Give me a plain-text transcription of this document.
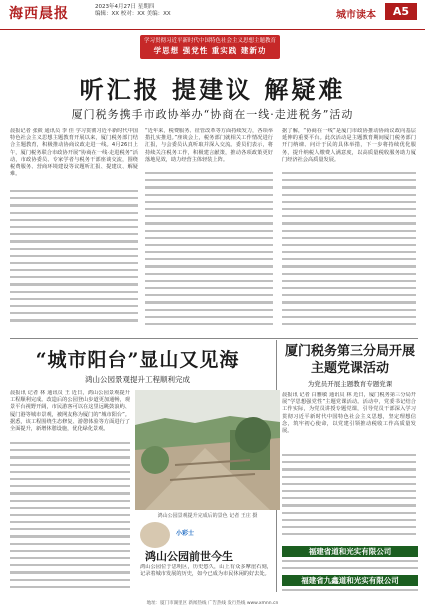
海西晨报	2023年4月27日 星期四
编辑：XX 校对：XX 美编：XX	城市读本	A5
学习贯彻习近平新时代中国特色社会主义思想主题教育
学思想 强党性 重实践 建新功
听汇报 提建议 解疑难
厦门税务携手市政协举办“协商在一线·走进税务”活动
晨报记者 张筱 通讯员 李 佳 学习贯彻习近平新时代中国特色社会主义思想主题教育开展以来，厦门税务部门结合主题教育，积极推动协商议政走进一线。4月26日上午，厦门税务联合市政协开展“协商在一线·走进税务”活动，市政协委员、专家学者与税务干部座谈交流，围绕税费服务、营商环境建设等议题听汇报、提建议、解疑难。
“近年来，税费服务、征管改革等方面持续发力，各项举措扎实推进。”座谈会上，税务部门就相关工作情况进行汇报，与会委员认真听取并深入交流。委员们表示，将持续关注税务工作，积极建言献策，推动各项政策更好落地见效，助力经营主体轻装上阵。
据了解，“协商在一线”是厦门市政协推动协商议政向基层延伸的重要平台。此次活动是主题教育期间厦门税务部门开门纳谏、问计于民的具体举措，下一步将持续优化服务，提升纳税人缴费人满意度，以高质量税收服务助力厦门经济社会高质量发展。
“城市阳台”显山又见海
鸿山公园景观提升工程顺利完成
晨报讯 记者 林 通讯员 王 近日，鸿山公园景观提升工程顺利完成。改造后的公园登山步道更加通畅，观景平台视野开阔，市民游客可以在这里远眺鼓浪屿、厦门港等城市景观，被网友称为厦门的“城市阳台”。据悉，该工程围绕生态修复、游憩体验等方面进行了全面提升，新增休憩设施，优化绿化景观。
鸿山公园景观提升完成后的景色 记者 王庄 摄
小彩士
鸿山公园前世今生
鸿山公园位于思明区，历史悠久，山上有众多摩崖石刻，记录着城市发展的历史，如今已成为市民休闲的好去处。
厦门税务第三分局开展主题党课活动
为党员开展主题教育专题党课
晨报讯 记者 白雅敏 通讯员 林 近日，厦门税务第三分局开展“学思想强党性”主题党课活动。活动中，党委书记结合工作实际，为党员讲授专题党课，引导党员干部深入学习贯彻习近平新时代中国特色社会主义思想，坚定理想信念，筑牢初心使命，以党建引领推动税收工作高质量发展。
福建省道和光实有限公司
福建省九鑫道和光实有限公司
地址：厦门市湖里区 新闻热线 广告热线 发行热线 www.xmnn.cn
